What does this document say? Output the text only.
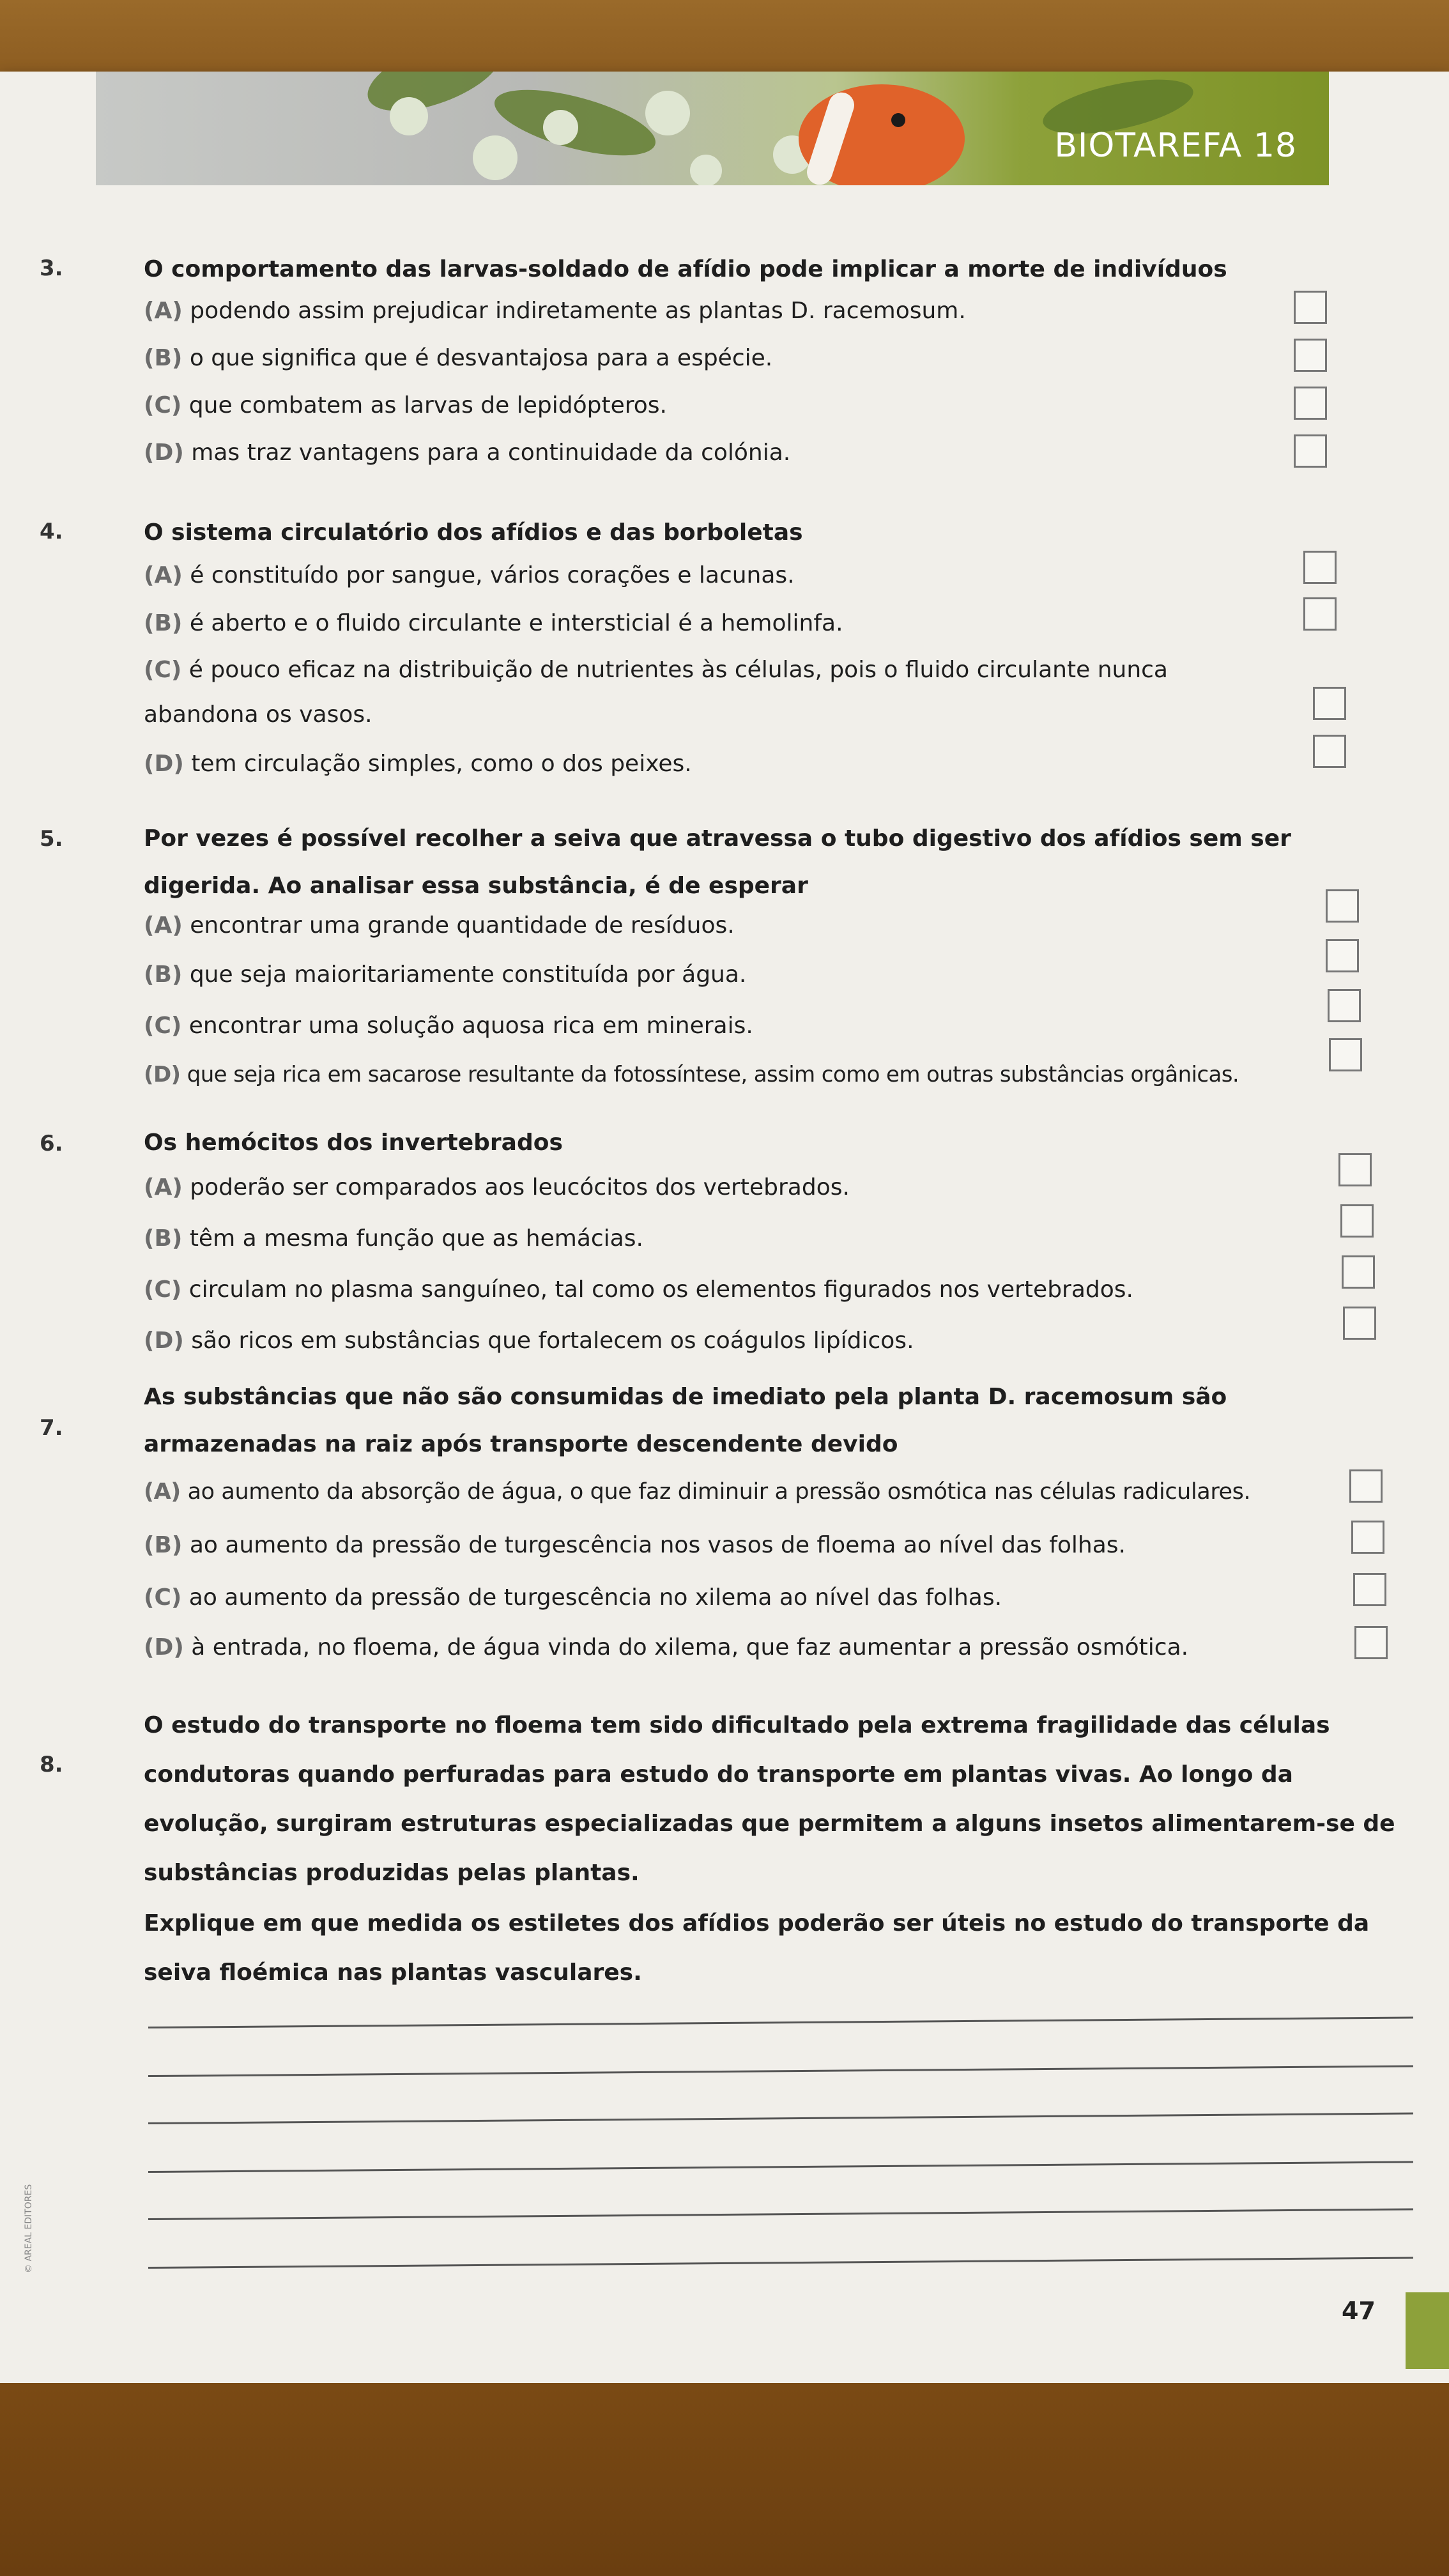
BIOTAREFA 18
3.	O comportamento das larvas-soldado de afídio pode implicar a morte de indivíduos
(A) podendo assim prejudicar indiretamente as plantas D. racemosum.
(B) o que significa que é desvantajosa para a espécie.
(C) que combatem as larvas de lepidópteros.
(D) mas traz vantagens para a continuidade da colónia.
4.	O sistema circulatório dos afídios e das borboletas
(A) é constituído por sangue, vários corações e lacunas.
(B) é aberto e o fluido circulante e intersticial é a hemolinfa.
(C) é pouco eficaz na distribuição de nutrientes às células, pois o fluido circulante nunca abandona os vasos.
(D) tem circulação simples, como o dos peixes.
5.	Por vezes é possível recolher a seiva que atravessa o tubo digestivo dos afídios sem ser digerida. Ao analisar essa substância, é de esperar
(A) encontrar uma grande quantidade de resíduos.
(B) que seja maioritariamente constituída por água.
(C) encontrar uma solução aquosa rica em minerais.
(D) que seja rica em sacarose resultante da fotossíntese, assim como em outras substâncias orgânicas.
6.	Os hemócitos dos invertebrados
(A) poderão ser comparados aos leucócitos dos vertebrados.
(B) têm a mesma função que as hemácias.
(C) circulam no plasma sanguíneo, tal como os elementos figurados nos vertebrados.
(D) são ricos em substâncias que fortalecem os coágulos lipídicos.
7.
As substâncias que não são consumidas de imediato pela planta D. racemosum são armazenadas na raiz após transporte descendente devido
(A) ao aumento da absorção de água, o que faz diminuir a pressão osmótica nas células radiculares.
(B) ao aumento da pressão de turgescência nos vasos de floema ao nível das folhas.
(C) ao aumento da pressão de turgescência no xilema ao nível das folhas.
(D) à entrada, no floema, de água vinda do xilema, que faz aumentar a pressão osmótica.
8.
O estudo do transporte no floema tem sido dificultado pela extrema fragilidade das células condutoras quando perfuradas para estudo do transporte em plantas vivas. Ao longo da evolução, surgiram estruturas especializadas que permitem a alguns insetos alimentarem-se de substâncias produzidas pelas plantas.
Explique em que medida os estiletes dos afídios poderão ser úteis no estudo do transporte da seiva floémica nas plantas vasculares.
© AREAL EDITORES
47
